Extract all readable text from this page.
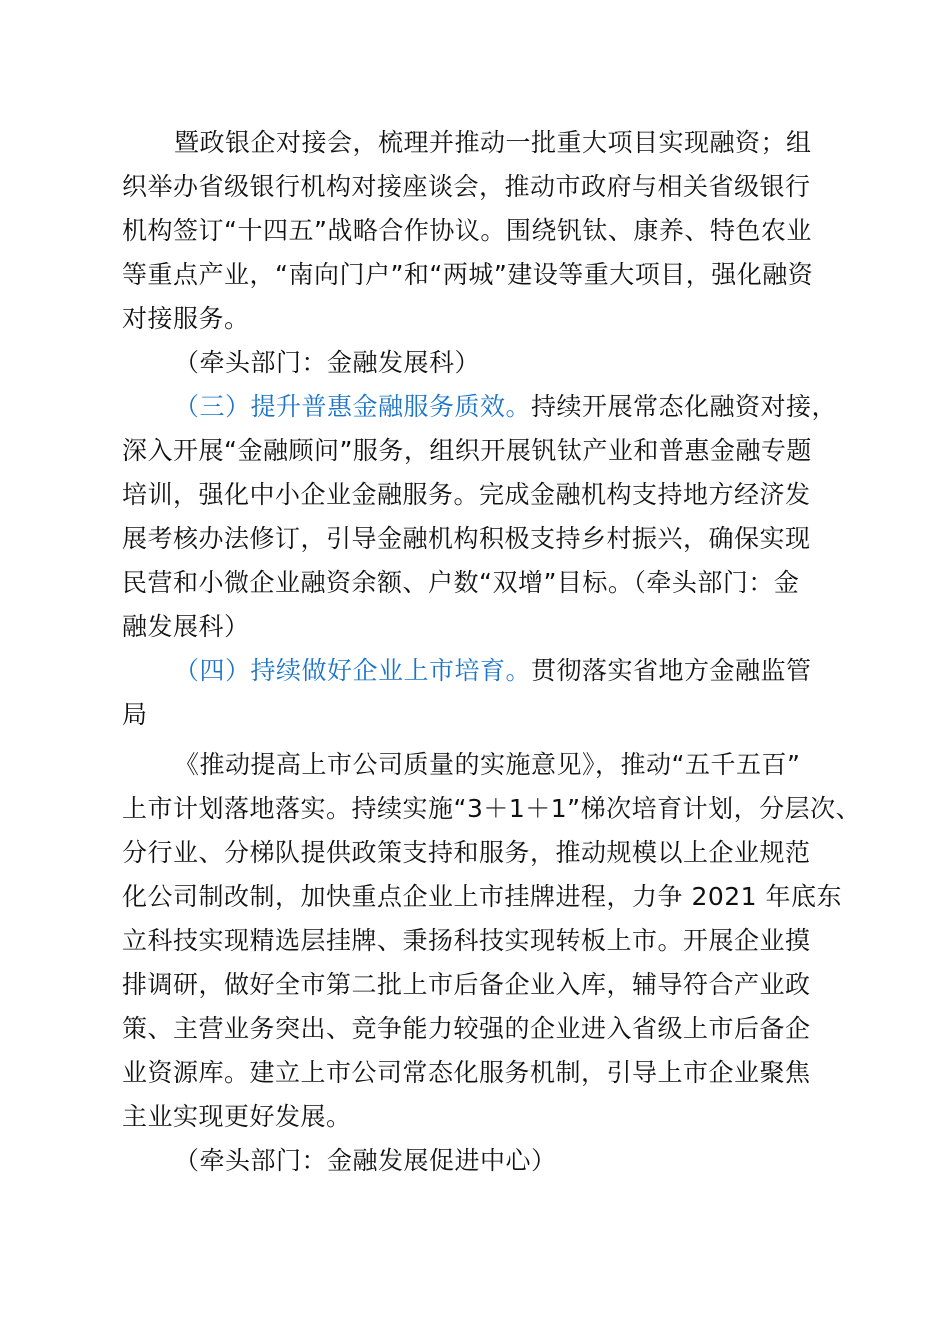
暨政银企对接会，梳理并推动一批重大项目实现融资；组
织举办省级银行机构对接座谈会，推动市政府与相关省级银行
机构签订“十四五”战略合作协议。围绕钒钛、康养、特色农业
等重点产业，“南向门户”和“两城”建设等重大项目，强化融资
对接服务。
（牵头部门：金融发展科）
（三）提升普惠金融服务质效。持续开展常态化融资对接，
深入开展“金融顾问”服务，组织开展钒钛产业和普惠金融专题
培训，强化中小企业金融服务。完成金融机构支持地方经济发
展考核办法修订，引导金融机构积极支持乡村振兴，确保实现
民营和小微企业融资余额、户数“双增”目标。（牵头部门：金
融发展科）
（四）持续做好企业上市培育。贯彻落实省地方金融监管
局
《推动提高上市公司质量的实施意见》，推动“五千五百”
上市计划落地落实。持续实施“3＋1＋1”梯次培育计划，分层次、
分行业、分梯队提供政策支持和服务，推动规模以上企业规范
化公司制改制，加快重点企业上市挂牌进程，力争 2021 年底东
立科技实现精选层挂牌、秉扬科技实现转板上市。开展企业摸
排调研，做好全市第二批上市后备企业入库，辅导符合产业政
策、主营业务突出、竞争能力较强的企业进入省级上市后备企
业资源库。建立上市公司常态化服务机制，引导上市企业聚焦
主业实现更好发展。
（牵头部门：金融发展促进中心）
